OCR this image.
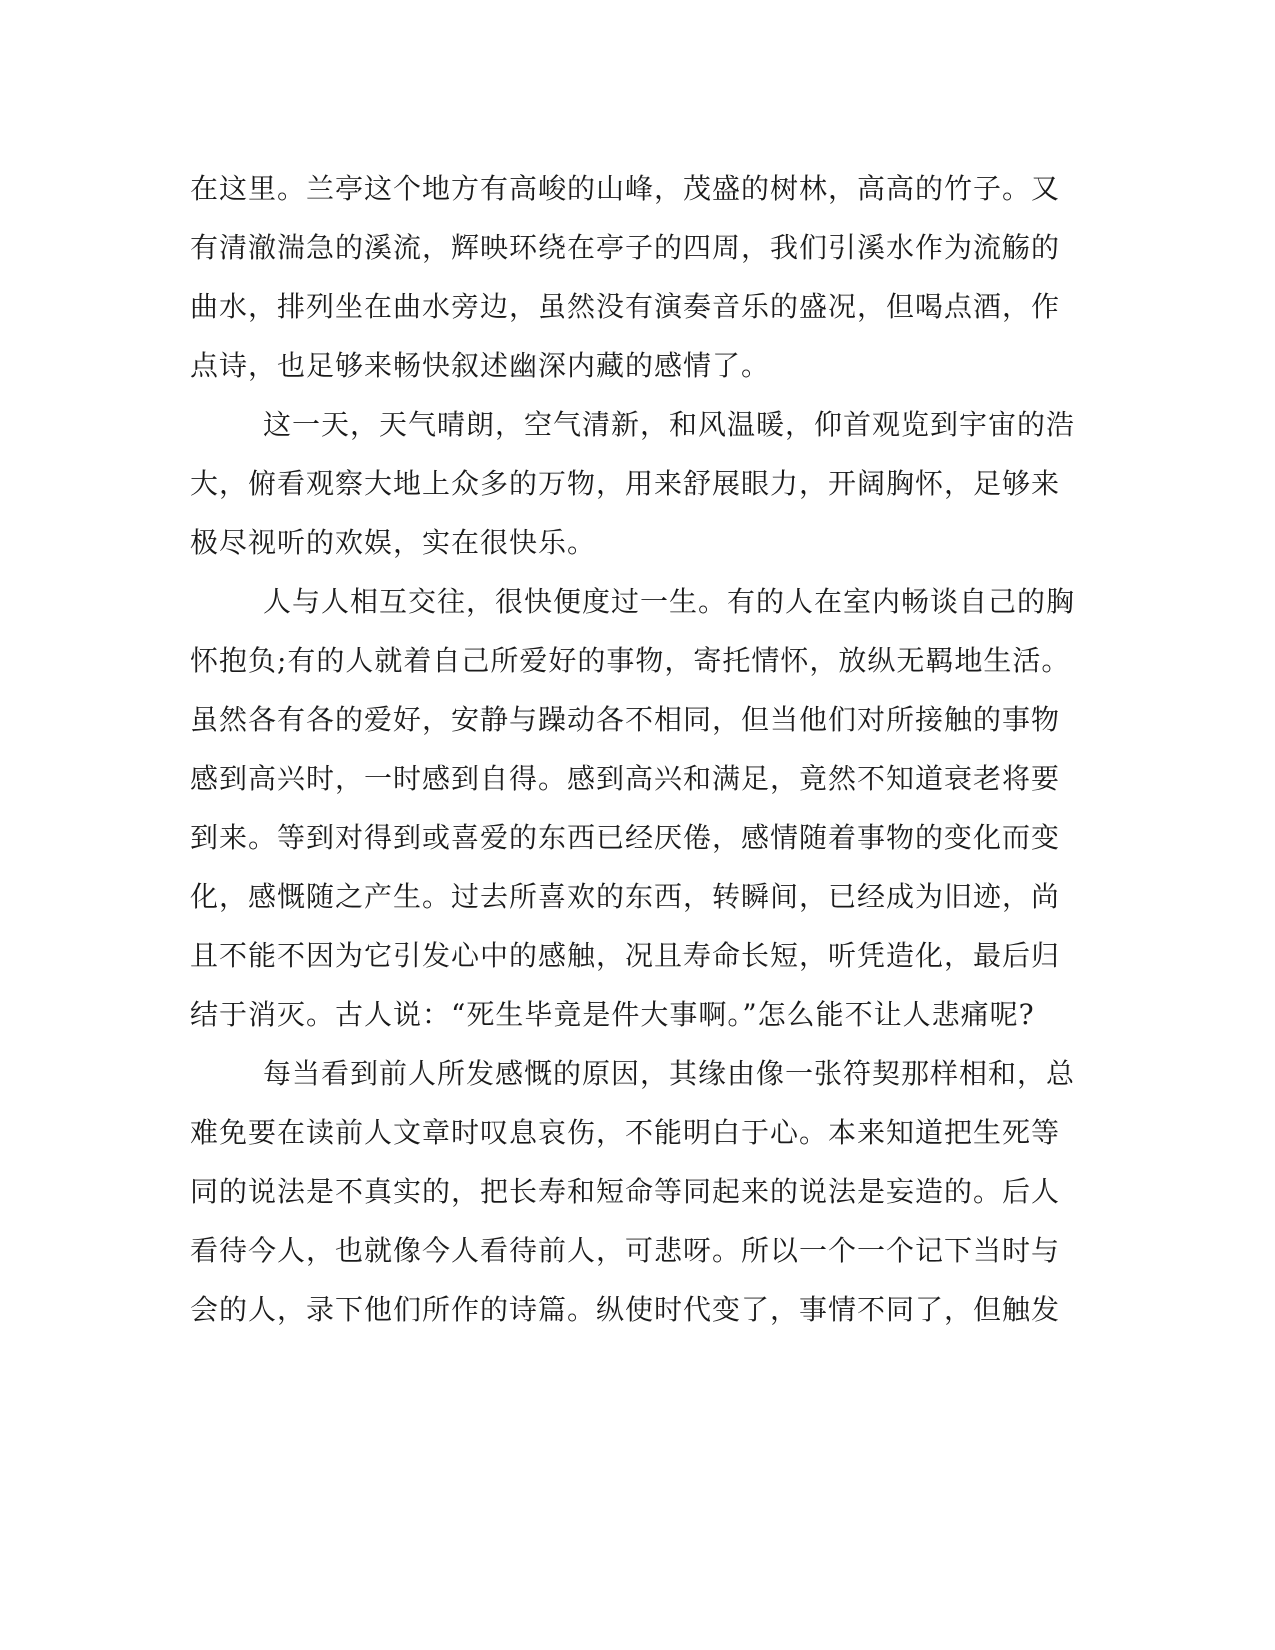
在这里。兰亭这个地方有高峻的山峰，茂盛的树林，高高的竹子。又
有清澈湍急的溪流，辉映环绕在亭子的四周，我们引溪水作为流觞的
曲水，排列坐在曲水旁边，虽然没有演奏音乐的盛况，但喝点酒，作
点诗，也足够来畅快叙述幽深内藏的感情了。
这一天，天气晴朗，空气清新，和风温暖，仰首观览到宇宙的浩
大，俯看观察大地上众多的万物，用来舒展眼力，开阔胸怀，足够来
极尽视听的欢娱，实在很快乐。
人与人相互交往，很快便度过一生。有的人在室内畅谈自己的胸
怀抱负;有的人就着自己所爱好的事物，寄托情怀，放纵无羁地生活。
虽然各有各的爱好，安静与躁动各不相同，但当他们对所接触的事物
感到高兴时，一时感到自得。感到高兴和满足，竟然不知道衰老将要
到来。等到对得到或喜爱的东西已经厌倦，感情随着事物的变化而变
化，感慨随之产生。过去所喜欢的东西，转瞬间，已经成为旧迹，尚
且不能不因为它引发心中的感触，况且寿命长短，听凭造化，最后归
结于消灭。古人说：“死生毕竟是件大事啊。”怎么能不让人悲痛呢?
每当看到前人所发感慨的原因，其缘由像一张符契那样相和，总
难免要在读前人文章时叹息哀伤，不能明白于心。本来知道把生死等
同的说法是不真实的，把长寿和短命等同起来的说法是妄造的。后人
看待今人，也就像今人看待前人，可悲呀。所以一个一个记下当时与
会的人，录下他们所作的诗篇。纵使时代变了，事情不同了，但触发
